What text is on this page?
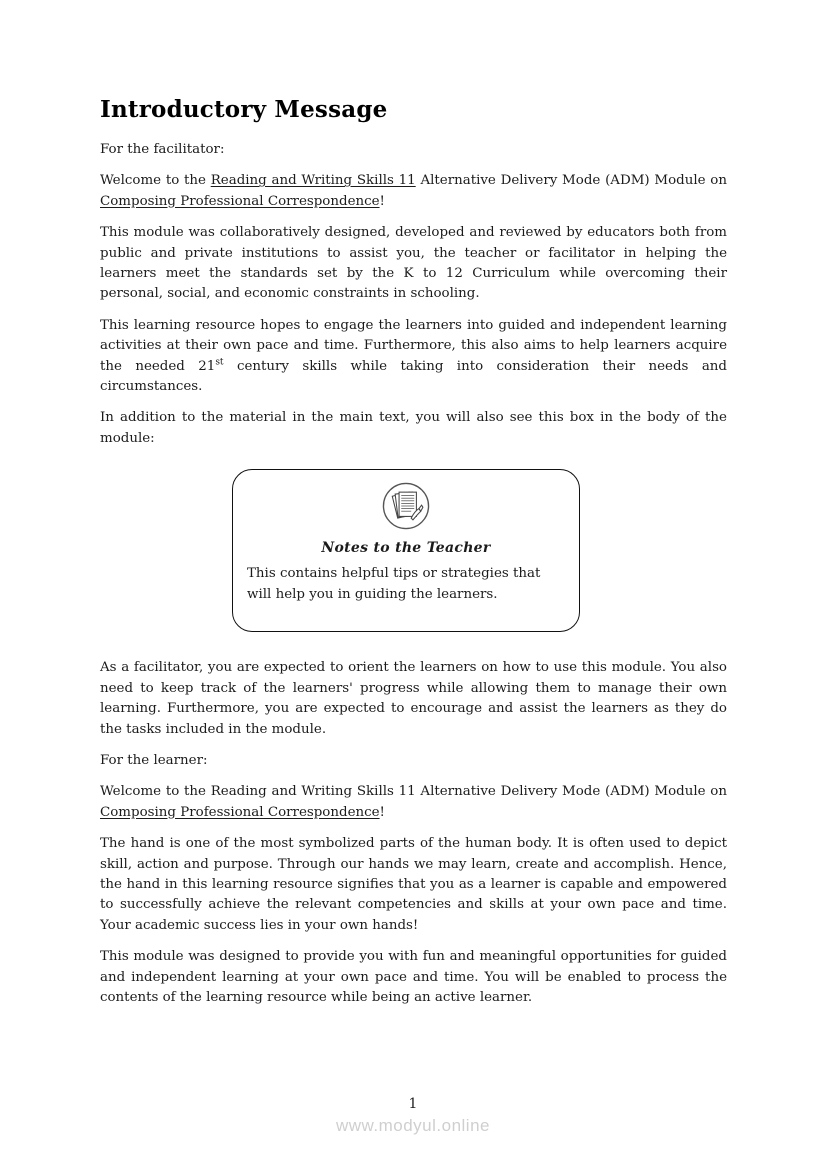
Introductory Message

For the facilitator:

Welcome to the Reading and Writing Skills 11 Alternative Delivery Mode (ADM) Module on Composing Professional Correspondence!

This module was collaboratively designed, developed and reviewed by educators both from public and private institutions to assist you, the teacher or facilitator in helping the learners meet the standards set by the K to 12 Curriculum while overcoming their personal, social, and economic constraints in schooling.

This learning resource hopes to engage the learners into guided and independent learning activities at their own pace and time. Furthermore, this also aims to help learners acquire the needed 21st century skills while taking into consideration their needs and circumstances.

In addition to the material in the main text, you will also see this box in the body of the module:

Notes to the Teacher

This contains helpful tips or strategies that will help you in guiding the learners.

As a facilitator, you are expected to orient the learners on how to use this module. You also need to keep track of the learners' progress while allowing them to manage their own learning. Furthermore, you are expected to encourage and assist the learners as they do the tasks included in the module.

For the learner:

Welcome to the Reading and Writing Skills 11 Alternative Delivery Mode (ADM) Module on Composing Professional Correspondence!

The hand is one of the most symbolized parts of the human body. It is often used to depict skill, action and purpose. Through our hands we may learn, create and accomplish. Hence, the hand in this learning resource signifies that you as a learner is capable and empowered to successfully achieve the relevant competencies and skills at your own pace and time. Your academic success lies in your own hands!

This module was designed to provide you with fun and meaningful opportunities for guided and independent learning at your own pace and time. You will be enabled to process the contents of the learning resource while being an active learner.

1
www.modyul.online
